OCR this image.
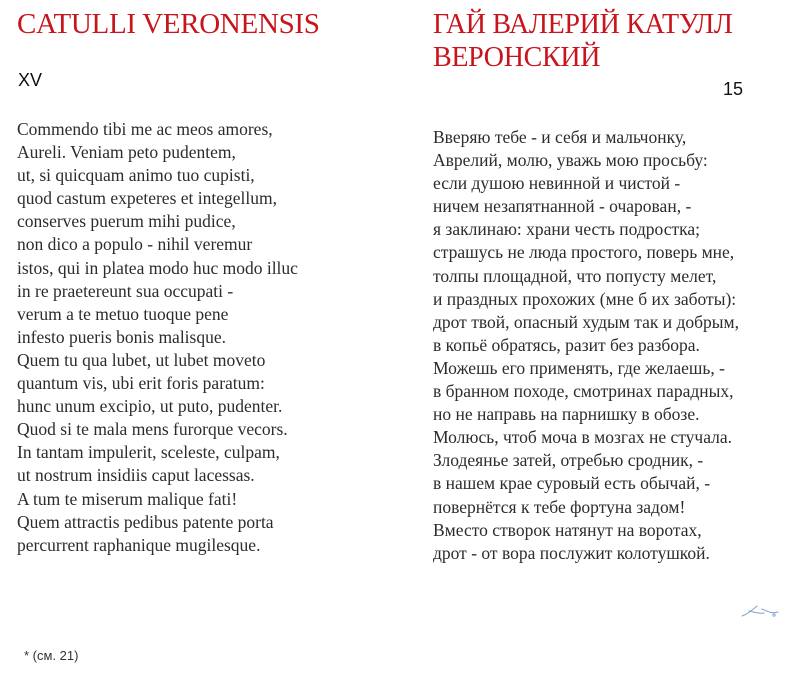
CATULLI VERONENSIS
XV
Commendo tibi me ac meos amores,
Aureli. Veniam peto pudentem,
ut, si quicquam animo tuo cupisti,
quod castum expeteres et integellum,
conserves puerum mihi pudice,
non dico a populo - nihil veremur
istos, qui in platea modo huc modo illuc
in re praetereunt sua occupati -
verum a te metuo tuoque pene
infesto pueris bonis malisque.
Quem tu qua lubet, ut lubet moveto
quantum vis, ubi erit foris paratum:
hunc unum excipio, ut puto, pudenter.
Quod si te mala mens furorque vecors.
In tantam impulerit, sceleste, culpam,
ut nostrum insidiis caput lacessas.
A tum te miserum malique fati!
Quem attractis pedibus patente porta
percurrent raphanique mugilesque.
ГАЙ ВАЛЕРИЙ КАТУЛЛ ВЕРОНСКИЙ
15
Вверяю тебе - и себя и мальчонку,
Аврелий, молю, уважь мою просьбу:
если душою невинной и чистой -
ничем незапятнанной - очарован, -
я заклинаю: храни честь подростка;
страшусь не люда простого, поверь мне,
толпы площадной, что попусту мелет,
и праздных прохожих (мне б их заботы):
дрот твой, опасный худым так и добрым,
в копьё обратясь, разит без разбора.
Можешь его применять, где желаешь, -
в бранном походе, смотринах парадных,
но не направь на парнишку в обозе.
Молюсь, чтоб моча в мозгах не стучала.
Злодеянье затей, отребью сродник, -
в нашем крае суровый есть обычай, -
повернётся к тебе фортуна задом!
Вместо створок натянут на воротах,
дрот - от вора послужит колотушкой.
* (см. 21)
